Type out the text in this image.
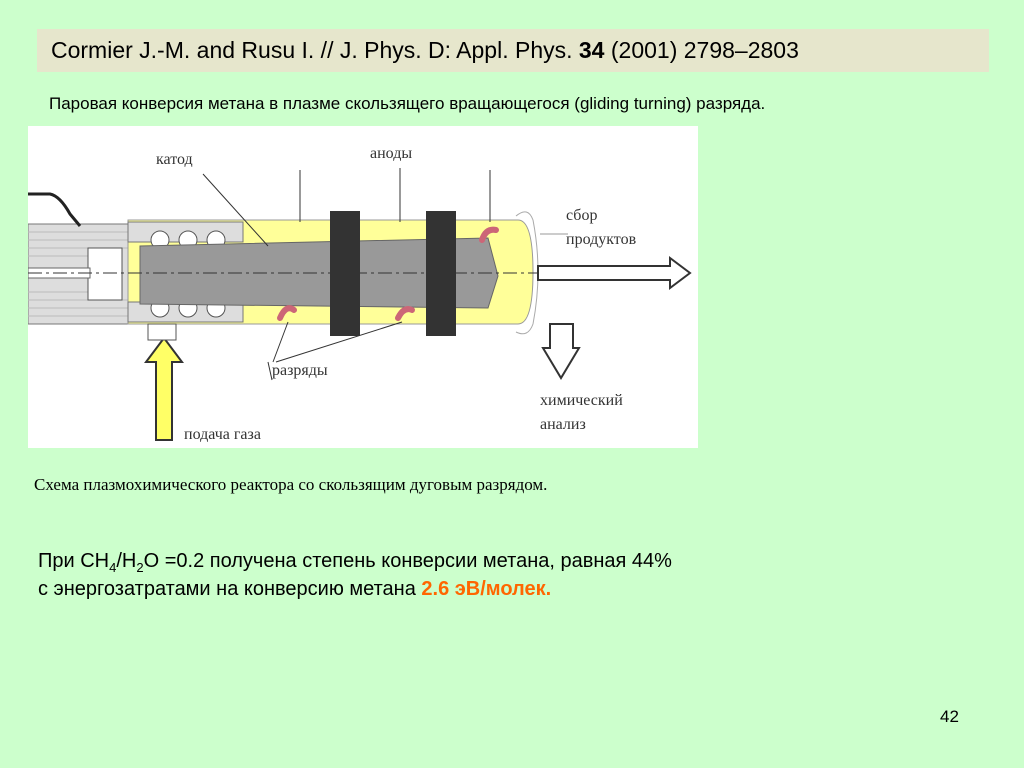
Cormier J.-M. and Rusu I. // J. Phys. D: Appl. Phys. 34 (2001) 2798–2803
Паровая конверсия метана в плазме скользящего вращающегося (gliding turning) разряда.
катод	аноды
сбор
продуктов
разряды
химический
анализ
подача газа
Схема плазмохимического реактора со скользящим дуговым разрядом.
При $CH_4/H_2O =0.2$ получена степень конверсии метана, равная 44%
с энергозатратами на конверсию метана 2.6 эВ/молек.
42
